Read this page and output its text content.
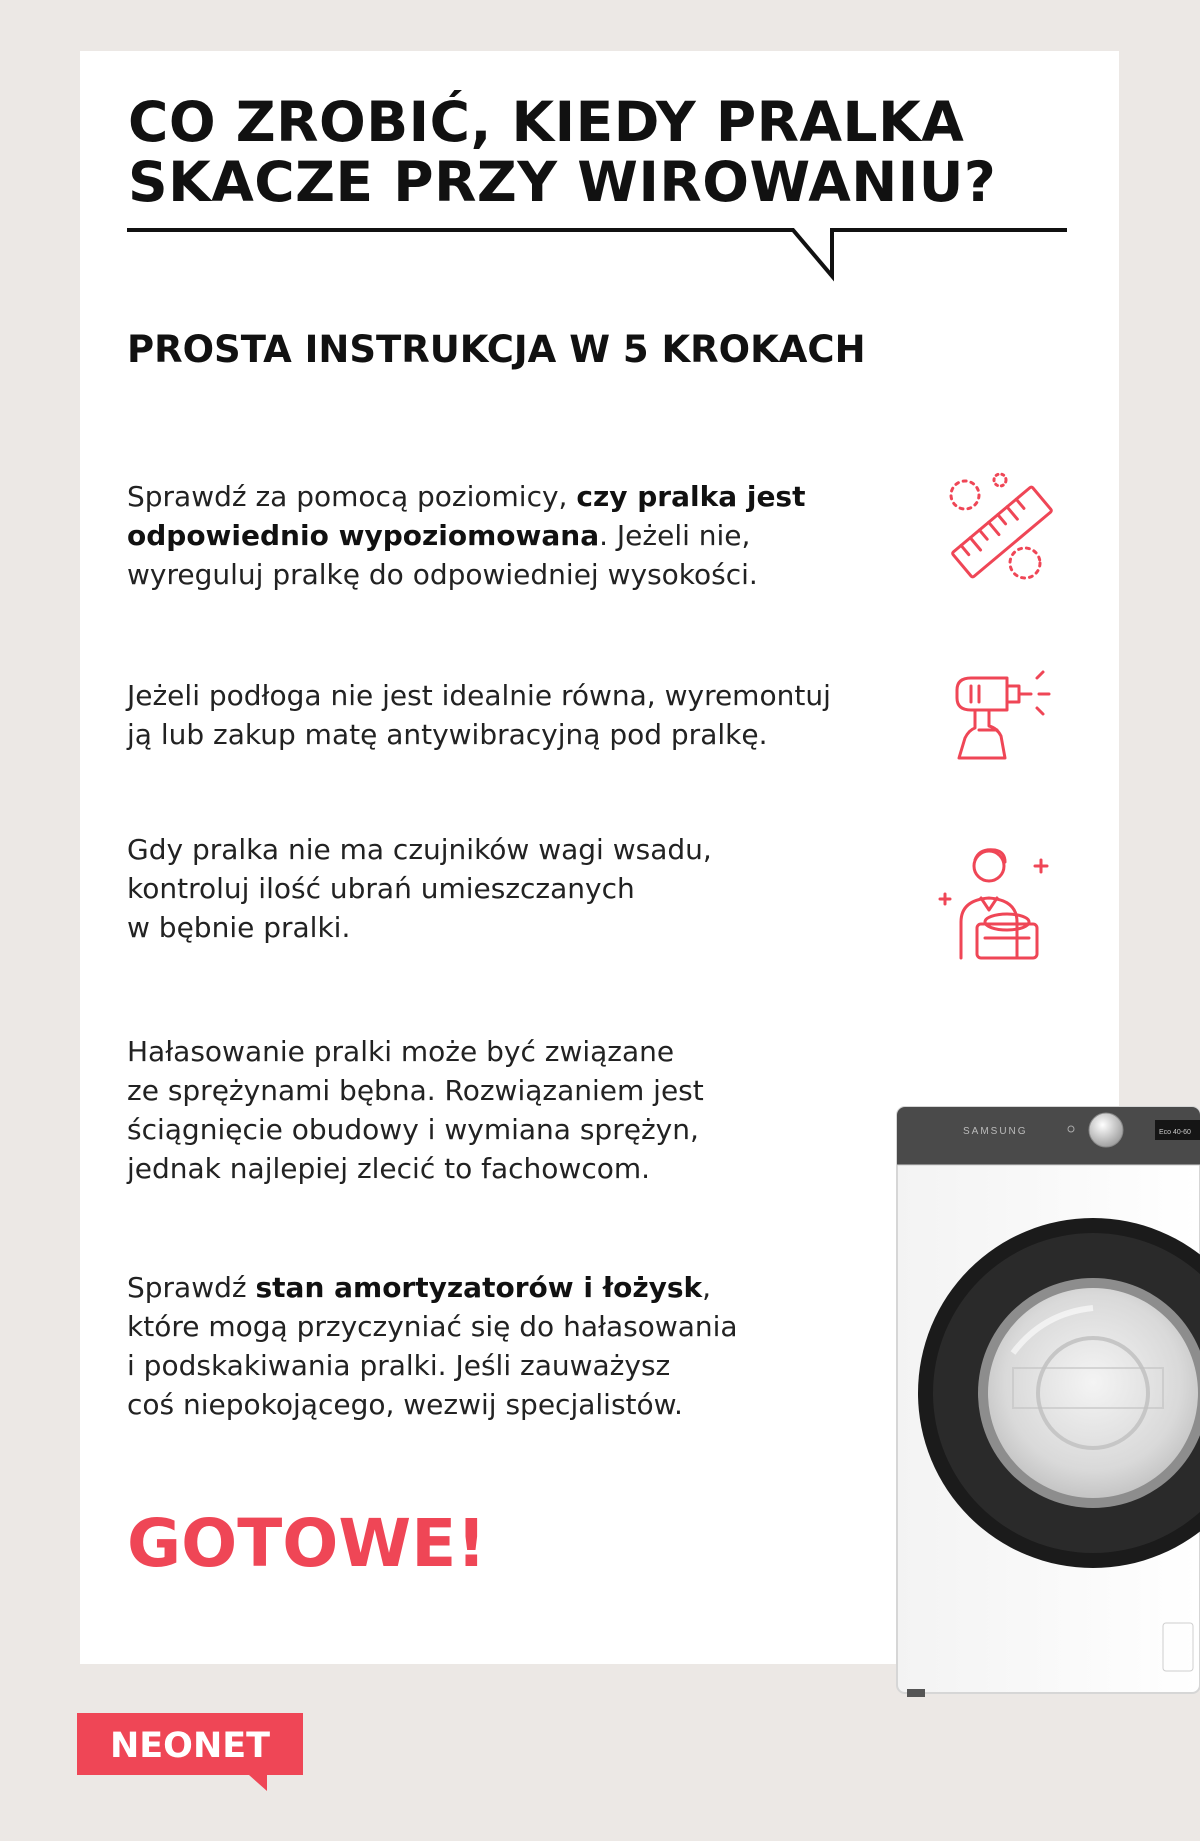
CO ZROBIĆ, KIEDY PRALKA
SKACZE PRZY WIROWANIU?
PROSTA INSTRUKCJA W 5 KROKACH

Sprawdź za pomocą poziomicy, czy pralka jest
odpowiednio wypoziomowana. Jeżeli nie,
wyreguluj pralkę do odpowiedniej wysokości.

Jeżeli podłoga nie jest idealnie równa, wyremontuj
ją lub zakup matę antywibracyjną pod pralkę.

Gdy pralka nie ma czujników wagi wsadu,
kontroluj ilość ubrań umieszczanych
w bębnie pralki.

Hałasowanie pralki może być związane
ze sprężynami bębna. Rozwiązaniem jest
ściągnięcie obudowy i wymiana sprężyn,
jednak najlepiej zlecić to fachowcom.

Sprawdź stan amortyzatorów i łożysk,
które mogą przyczyniać się do hałasowania
i podskakiwania pralki. Jeśli zauważysz
coś niepokojącego, wezwij specjalistów.

GOTOWE!

SAMSUNG	Eco 40-60
NEONET
